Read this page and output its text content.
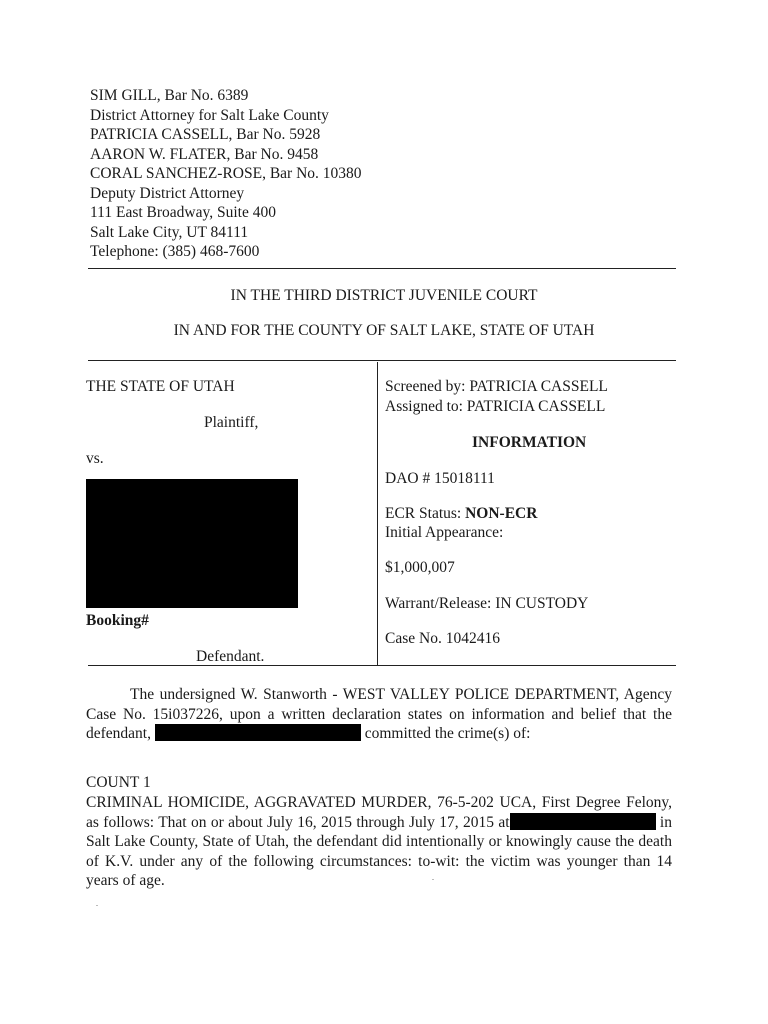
SIM GILL, Bar No. 6389
District Attorney for Salt Lake County
PATRICIA CASSELL, Bar No. 5928
AARON W. FLATER, Bar No. 9458
CORAL SANCHEZ-ROSE, Bar No. 10380
Deputy District Attorney
111 East Broadway, Suite 400
Salt Lake City, UT 84111
Telephone: (385) 468-7600
IN THE THIRD DISTRICT JUVENILE COURT
IN AND FOR THE COUNTY OF SALT LAKE, STATE OF UTAH
THE STATE OF UTAH
Plaintiff,
vs.
Booking#
Defendant.
Screened by: PATRICIA CASSELL
Assigned to: PATRICIA CASSELL
INFORMATION
DAO # 15018111
ECR Status: NON-ECR
Initial Appearance:
$1,000,007
Warrant/Release: IN CUSTODY
Case No. 1042416
The undersigned W. Stanworth - WEST VALLEY POLICE DEPARTMENT, Agency Case No. 15i037226, upon a written declaration states on information and belief that the defendant,	committed the crime(s) of:
COUNT 1
CRIMINAL HOMICIDE, AGGRAVATED MURDER, 76-5-202 UCA, First Degree Felony, as follows: That on or about July 16, 2015 through July 17, 2015 at	in Salt Lake County, State of Utah, the defendant did intentionally or knowingly cause the death of K.V. under any of the following circumstances: to-wit: the victim was younger than 14 years of age.
